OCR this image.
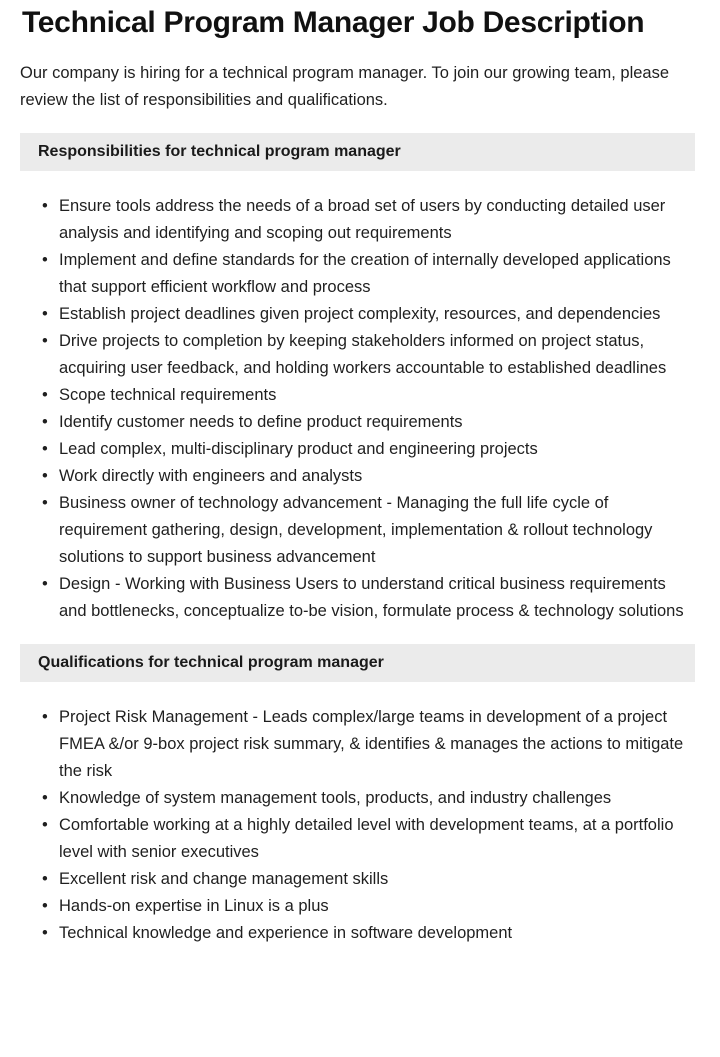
Technical Program Manager Job Description

Our company is hiring for a technical program manager. To join our growing team, please review the list of responsibilities and qualifications.

Responsibilities for technical program manager
• Ensure tools address the needs of a broad set of users by conducting detailed user analysis and identifying and scoping out requirements
• Implement and define standards for the creation of internally developed applications that support efficient workflow and process
• Establish project deadlines given project complexity, resources, and dependencies
• Drive projects to completion by keeping stakeholders informed on project status, acquiring user feedback, and holding workers accountable to established deadlines
• Scope technical requirements
• Identify customer needs to define product requirements
• Lead complex, multi-disciplinary product and engineering projects
• Work directly with engineers and analysts
• Business owner of technology advancement - Managing the full life cycle of requirement gathering, design, development, implementation & rollout technology solutions to support business advancement
• Design - Working with Business Users to understand critical business requirements and bottlenecks, conceptualize to-be vision, formulate process & technology solutions
Qualifications for technical program manager
• Project Risk Management - Leads complex/large teams in development of a project FMEA &/or 9-box project risk summary, & identifies & manages the actions to mitigate the risk
• Knowledge of system management tools, products, and industry challenges
• Comfortable working at a highly detailed level with development teams, at a portfolio level with senior executives
• Excellent risk and change management skills
• Hands-on expertise in Linux is a plus
• Technical knowledge and experience in software development
